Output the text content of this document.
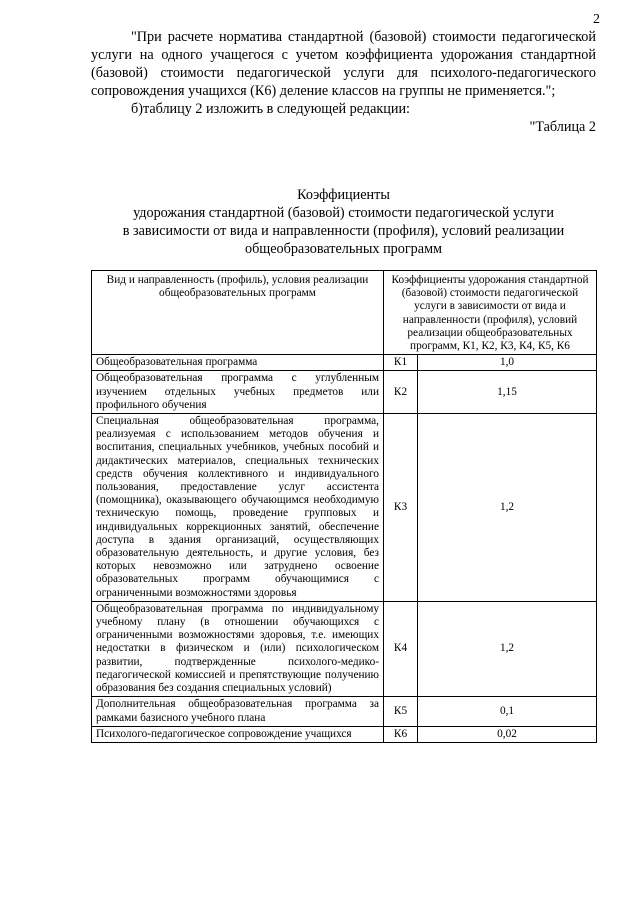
2

"При расчете норматива стандартной (базовой) стоимости педагогической услуги на одного учащегося с учетом коэффициента удорожания стандартной (базовой) стоимости педагогической услуги для психолого-педагогического сопровождения учащихся (К6) деление классов на группы не применяется.";

б)таблицу 2 изложить в следующей редакции:

"Таблица 2

Коэффициенты
удорожания стандартной (базовой) стоимости педагогической услуги
в зависимости от вида и направленности (профиля), условий реализации
общеобразовательных программ
Вид и направленность (профиль), условия реализации общеобразовательных программ	Коэффициенты удорожания стандартной (базовой) стоимости педагогической услуги в зависимости от вида и направленности (профиля), условий реализации общеобразовательных программ, К1, К2, К3, К4, К5, К6	
Общеобразовательная программа	К1	1,0
Общеобразовательная программа с углубленным изучением отдельных учебных предметов или профильного обучения	К2	1,15
Специальная общеобразовательная программа, реализуемая с использованием методов обучения и воспитания, специальных учебников, учебных пособий и дидактических материалов, специальных технических средств обучения коллективного и индивидуального пользования, предоставление услуг ассистента (помощника), оказывающего обучающимся необходимую техническую помощь, проведение групповых и индивидуальных коррекционных занятий, обеспечение доступа в здания организаций, осуществляющих образовательную деятельность, и другие условия, без которых невозможно или затруднено освоение образовательных программ обучающимися с ограниченными возможностями здоровья	К3	1,2
Общеобразовательная программа по индивидуальному учебному плану (в отношении обучающихся с ограниченными возможностями здоровья, т.е. имеющих недостатки в физическом и (или) психологическом развитии, подтвержденные психолого-медико-педагогической комиссией и препятствующие получению образования без создания специальных условий)	К4	1,2
Дополнительная общеобразовательная программа за рамками базисного учебного плана	К5	0,1
Психолого-педагогическое сопровождение учащихся	К6	0,02
